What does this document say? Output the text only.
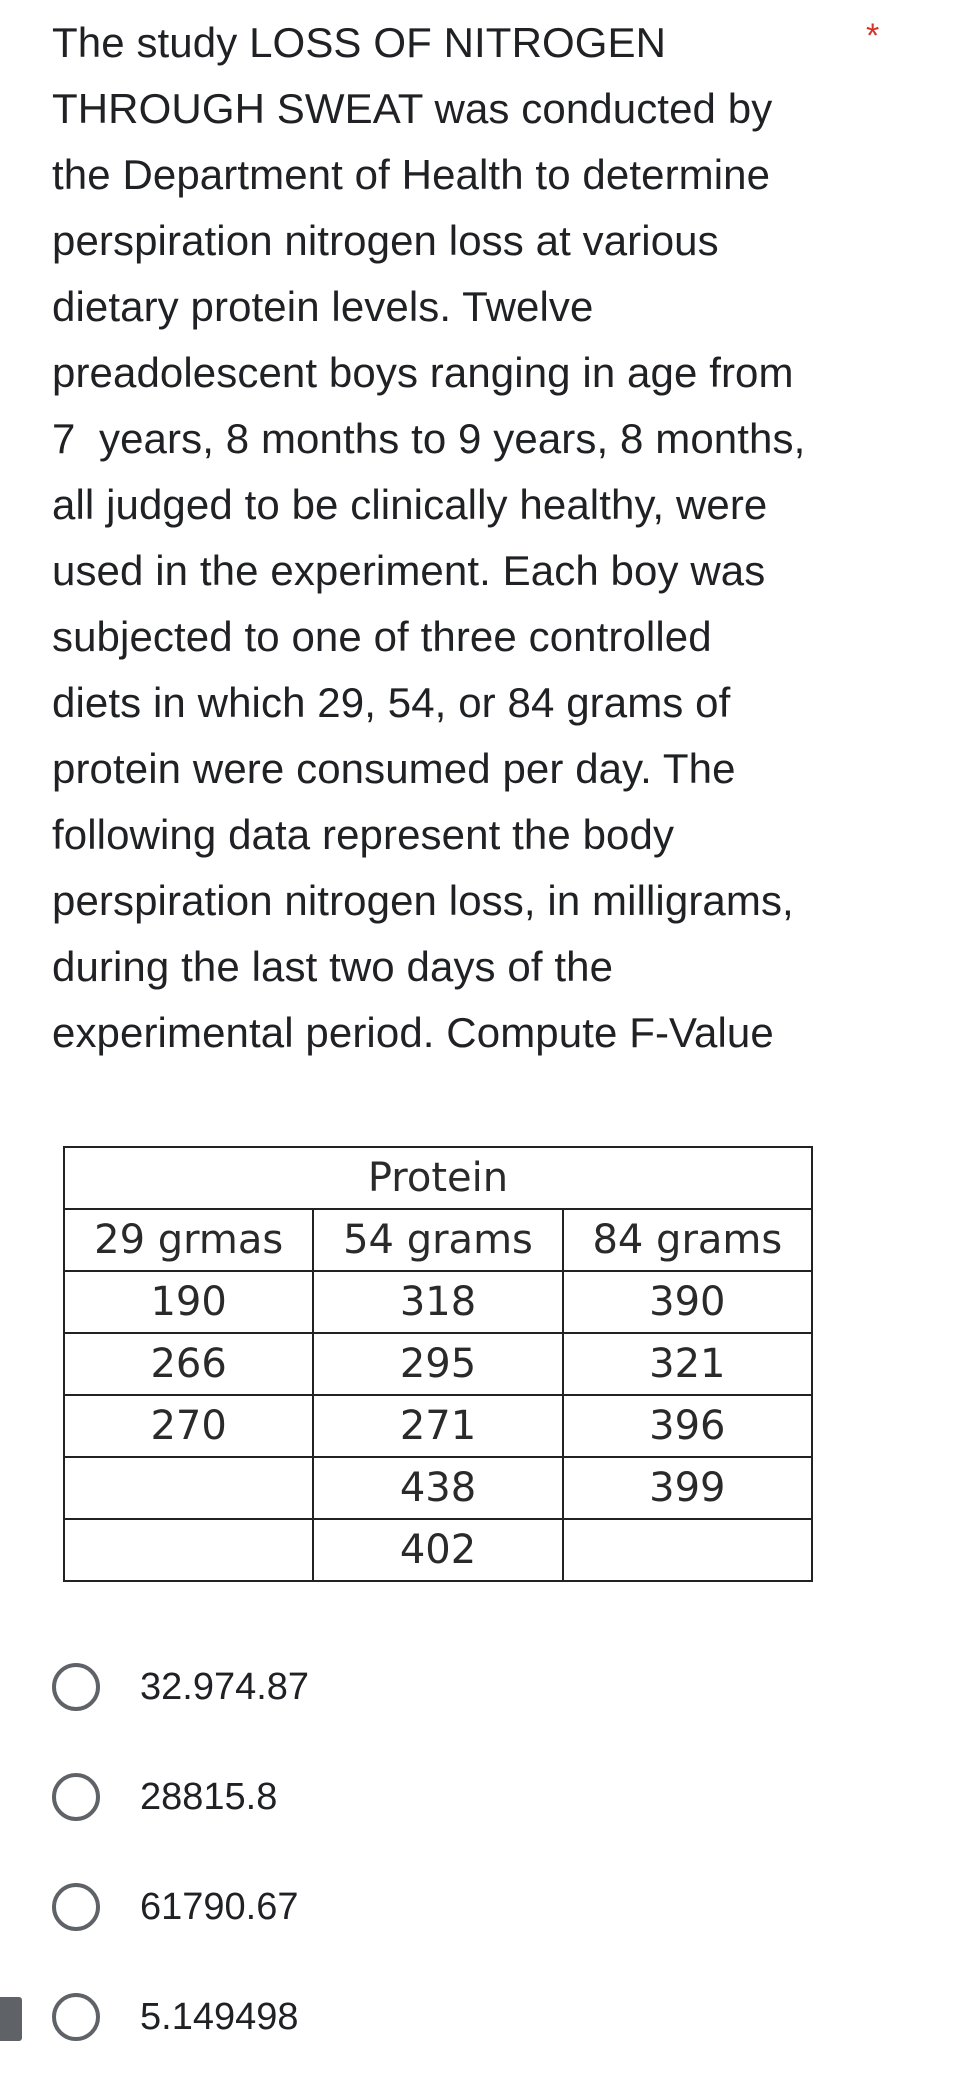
The study LOSS OF NITROGEN
THROUGH SWEAT was conducted by
the Department of Health to determine
perspiration nitrogen loss at various
dietary protein levels. Twelve
preadolescent boys ranging in age from
7  years, 8 months to 9 years, 8 months,
all judged to be clinically healthy, were
used in the experiment. Each boy was
subjected to one of three controlled
diets in which 29, 54, or 84 grams of
protein were consumed per day. The
following data represent the body
perspiration nitrogen loss, in milligrams,
during the last two days of the
experimental period. Compute F-Value
*
Protein		
29 grmas	54 grams	84 grams
190	318	390
266	295	321
270	271	396
	438	399
	402	
32.974.87
28815.8
61790.67
5.149498
